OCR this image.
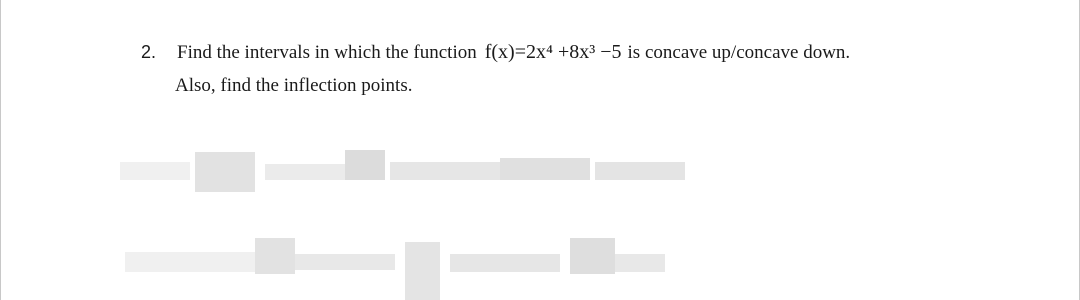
2. Find the intervals in which the function f(x)=2x⁴ +8x³ −5 is concave up/concave down.
Also, find the inflection points.
